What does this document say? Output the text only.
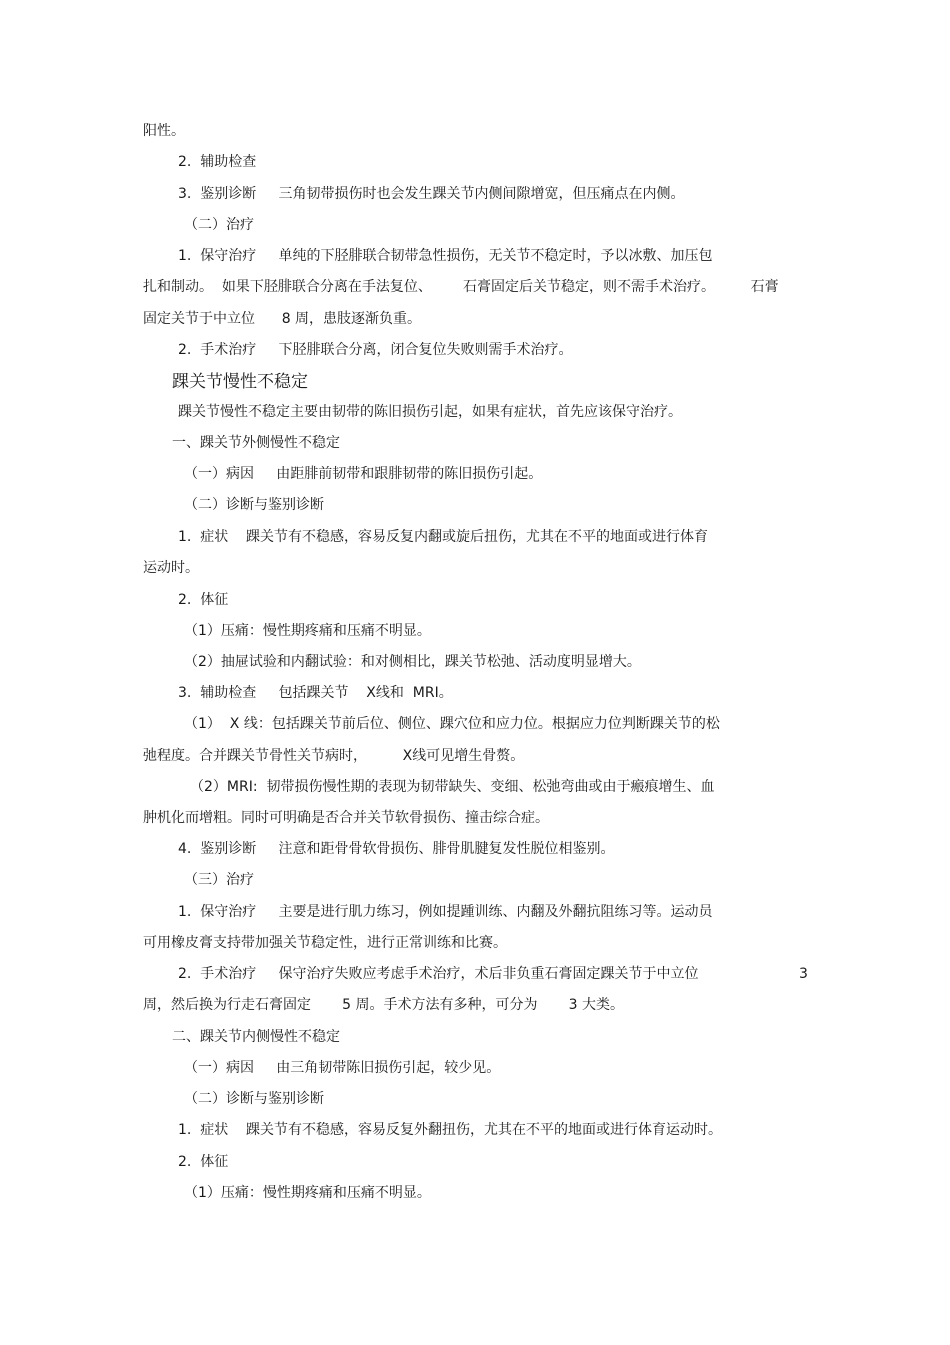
阳性。
2.  辅助检查
3.  鉴别诊断     三角韧带损伤时也会发生踝关节内侧间隙增宽，但压痛点在内侧。
（二）治疗
1.  保守治疗     单纯的下胫腓联合韧带急性损伤，无关节不稳定时，予以冰敷、加压包
扎和制动。  如果下胫腓联合分离在手法复位、       石膏固定后关节稳定，则不需手术治疗。        石膏
固定关节于中立位      8 周，患肢逐渐负重。
2.  手术治疗     下胫腓联合分离，闭合复位失败则需手术治疗。
踝关节慢性不稳定
踝关节慢性不稳定主要由韧带的陈旧损伤引起，如果有症状，首先应该保守治疗。
一、踝关节外侧慢性不稳定
（一）病因     由距腓前韧带和跟腓韧带的陈旧损伤引起。
（二）诊断与鉴别诊断
1.  症状    踝关节有不稳感，容易反复内翻或旋后扭伤，尤其在不平的地面或进行体育
运动时。
2.  体征
（1）压痛：慢性期疼痛和压痛不明显。
（2）抽屉试验和内翻试验：和对侧相比，踝关节松弛、活动度明显增大。
3.  辅助检查     包括踝关节    X线和  MRI。
（1）  X 线：包括踝关节前后位、侧位、踝穴位和应力位。根据应力位判断踝关节的松
弛程度。合并踝关节骨性关节病时，        X线可见增生骨赘。
（2）MRI:  韧带损伤慢性期的表现为韧带缺失、变细、松弛弯曲或由于瘢痕增生、血
肿机化而增粗。同时可明确是否合并关节软骨损伤、撞击综合症。
4.  鉴别诊断     注意和距骨骨软骨损伤、腓骨肌腱复发性脱位相鉴别。
（三）治疗
1.  保守治疗     主要是进行肌力练习，例如提踵训练、内翻及外翻抗阻练习等。运动员
可用橡皮膏支持带加强关节稳定性，进行正常训练和比赛。
2.  手术治疗     保守治疗失败应考虑手术治疗，术后非负重石膏固定踝关节于中立位	3
周，然后换为行走石膏固定       5 周。手术方法有多种，可分为       3 大类。
二、踝关节内侧慢性不稳定
（一）病因     由三角韧带陈旧损伤引起，较少见。
（二）诊断与鉴别诊断
1.  症状    踝关节有不稳感，容易反复外翻扭伤，尤其在不平的地面或进行体育运动时。
2.  体征
（1）压痛：慢性期疼痛和压痛不明显。
